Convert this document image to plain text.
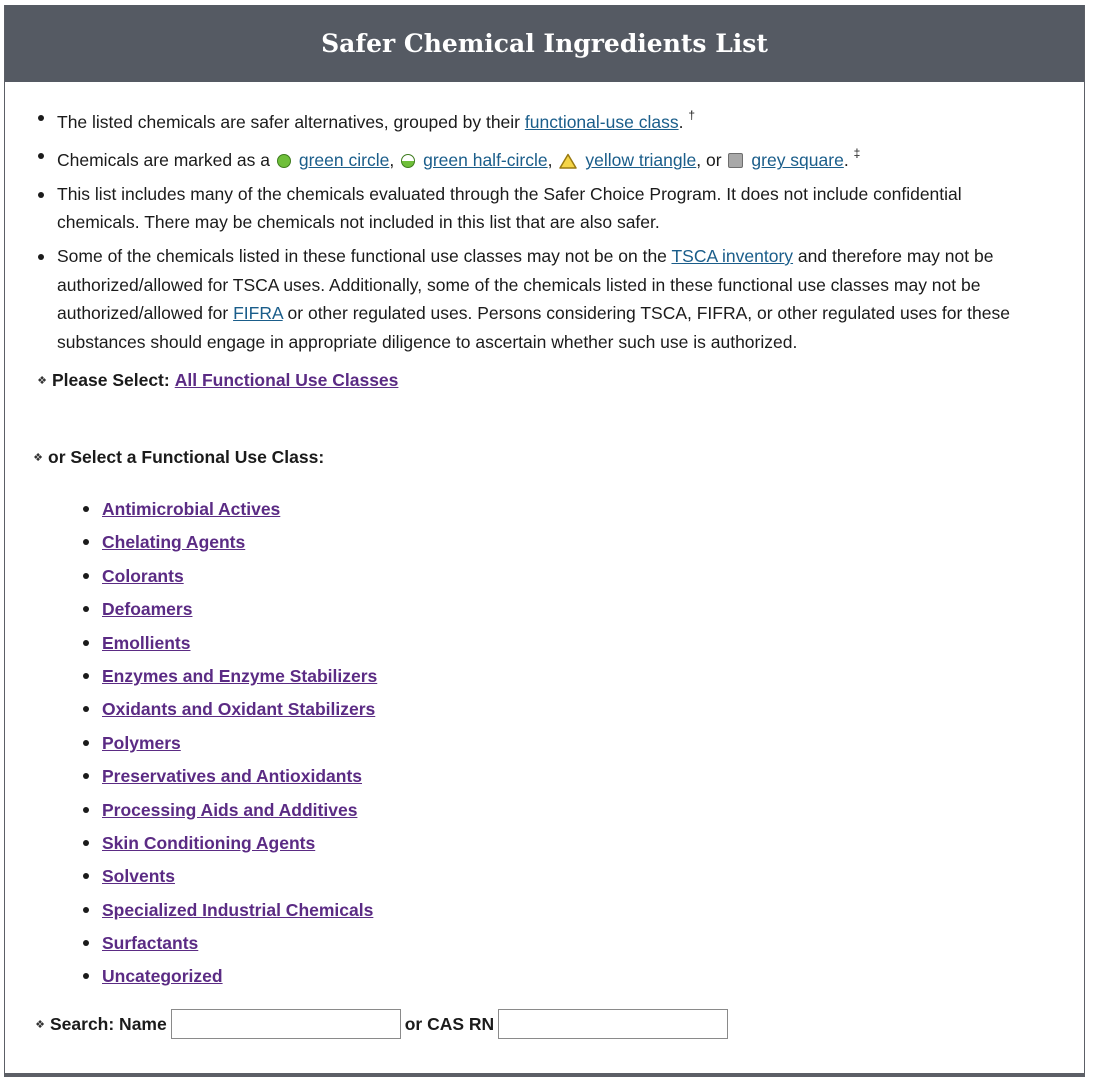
Safer Chemical Ingredients List
The listed chemicals are safer alternatives, grouped by their functional-use class. †
Chemicals are marked as a green circle, green half-circle, yellow triangle, or grey square. ‡
This list includes many of the chemicals evaluated through the Safer Choice Program. It does not include confidential chemicals. There may be chemicals not included in this list that are also safer.
Some of the chemicals listed in these functional use classes may not be on the TSCA inventory and therefore may not be authorized/allowed for TSCA uses. Additionally, some of the chemicals listed in these functional use classes may not be authorized/allowed for FIFRA or other regulated uses. Persons considering TSCA, FIFRA, or other regulated uses for these substances should engage in appropriate diligence to ascertain whether such use is authorized.
❖ Please Select: All Functional Use Classes
❖ or Select a Functional Use Class:
Antimicrobial Actives
Chelating Agents
Colorants
Defoamers
Emollients
Enzymes and Enzyme Stabilizers
Oxidants and Oxidant Stabilizers
Polymers
Preservatives and Antioxidants
Processing Aids and Additives
Skin Conditioning Agents
Solvents
Specialized Industrial Chemicals
Surfactants
Uncategorized
❖ Search: Name	or CAS RN
